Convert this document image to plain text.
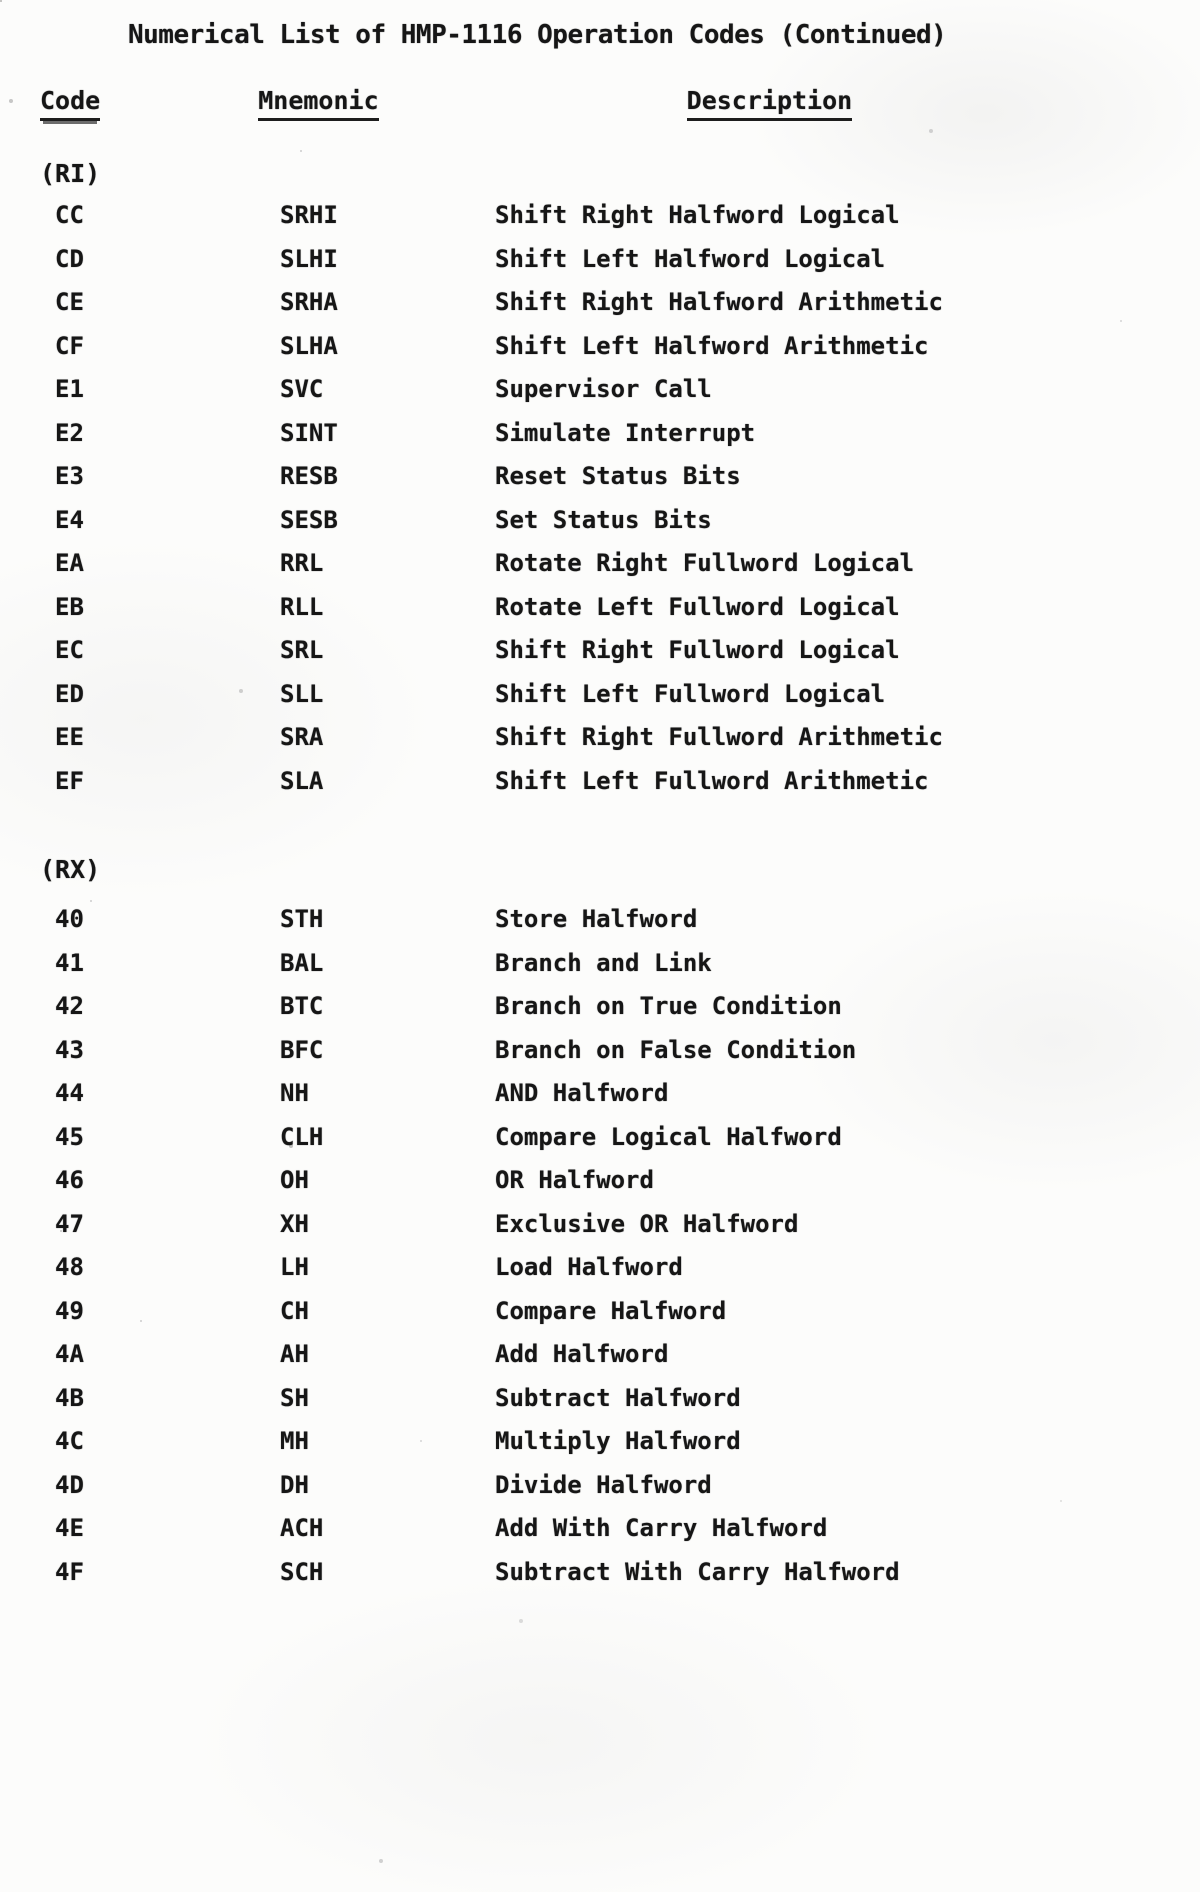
Numerical List of HMP-1116 Operation Codes (Continued)
Code	Mnemonic	Description
(RI)
CC	SRHI	Shift Right Halfword Logical
CD	SLHI	Shift Left Halfword Logical
CE	SRHA	Shift Right Halfword Arithmetic
CF	SLHA	Shift Left Halfword Arithmetic
E1	SVC	Supervisor Call
E2	SINT	Simulate Interrupt
E3	RESB	Reset Status Bits
E4	SESB	Set Status Bits
EA	RRL	Rotate Right Fullword Logical
EB	RLL	Rotate Left Fullword Logical
EC	SRL	Shift Right Fullword Logical
ED	SLL	Shift Left Fullword Logical
EE	SRA	Shift Right Fullword Arithmetic
EF	SLA	Shift Left Fullword Arithmetic
(RX)
40	STH	Store Halfword
41	BAL	Branch and Link
42	BTC	Branch on True Condition
43	BFC	Branch on False Condition
44	NH	AND Halfword
45	CLH	Compare Logical Halfword
46	OH	OR Halfword
47	XH	Exclusive OR Halfword
48	LH	Load Halfword
49	CH	Compare Halfword
4A	AH	Add Halfword
4B	SH	Subtract Halfword
4C	MH	Multiply Halfword
4D	DH	Divide Halfword
4E	ACH	Add With Carry Halfword
4F	SCH	Subtract With Carry Halfword
